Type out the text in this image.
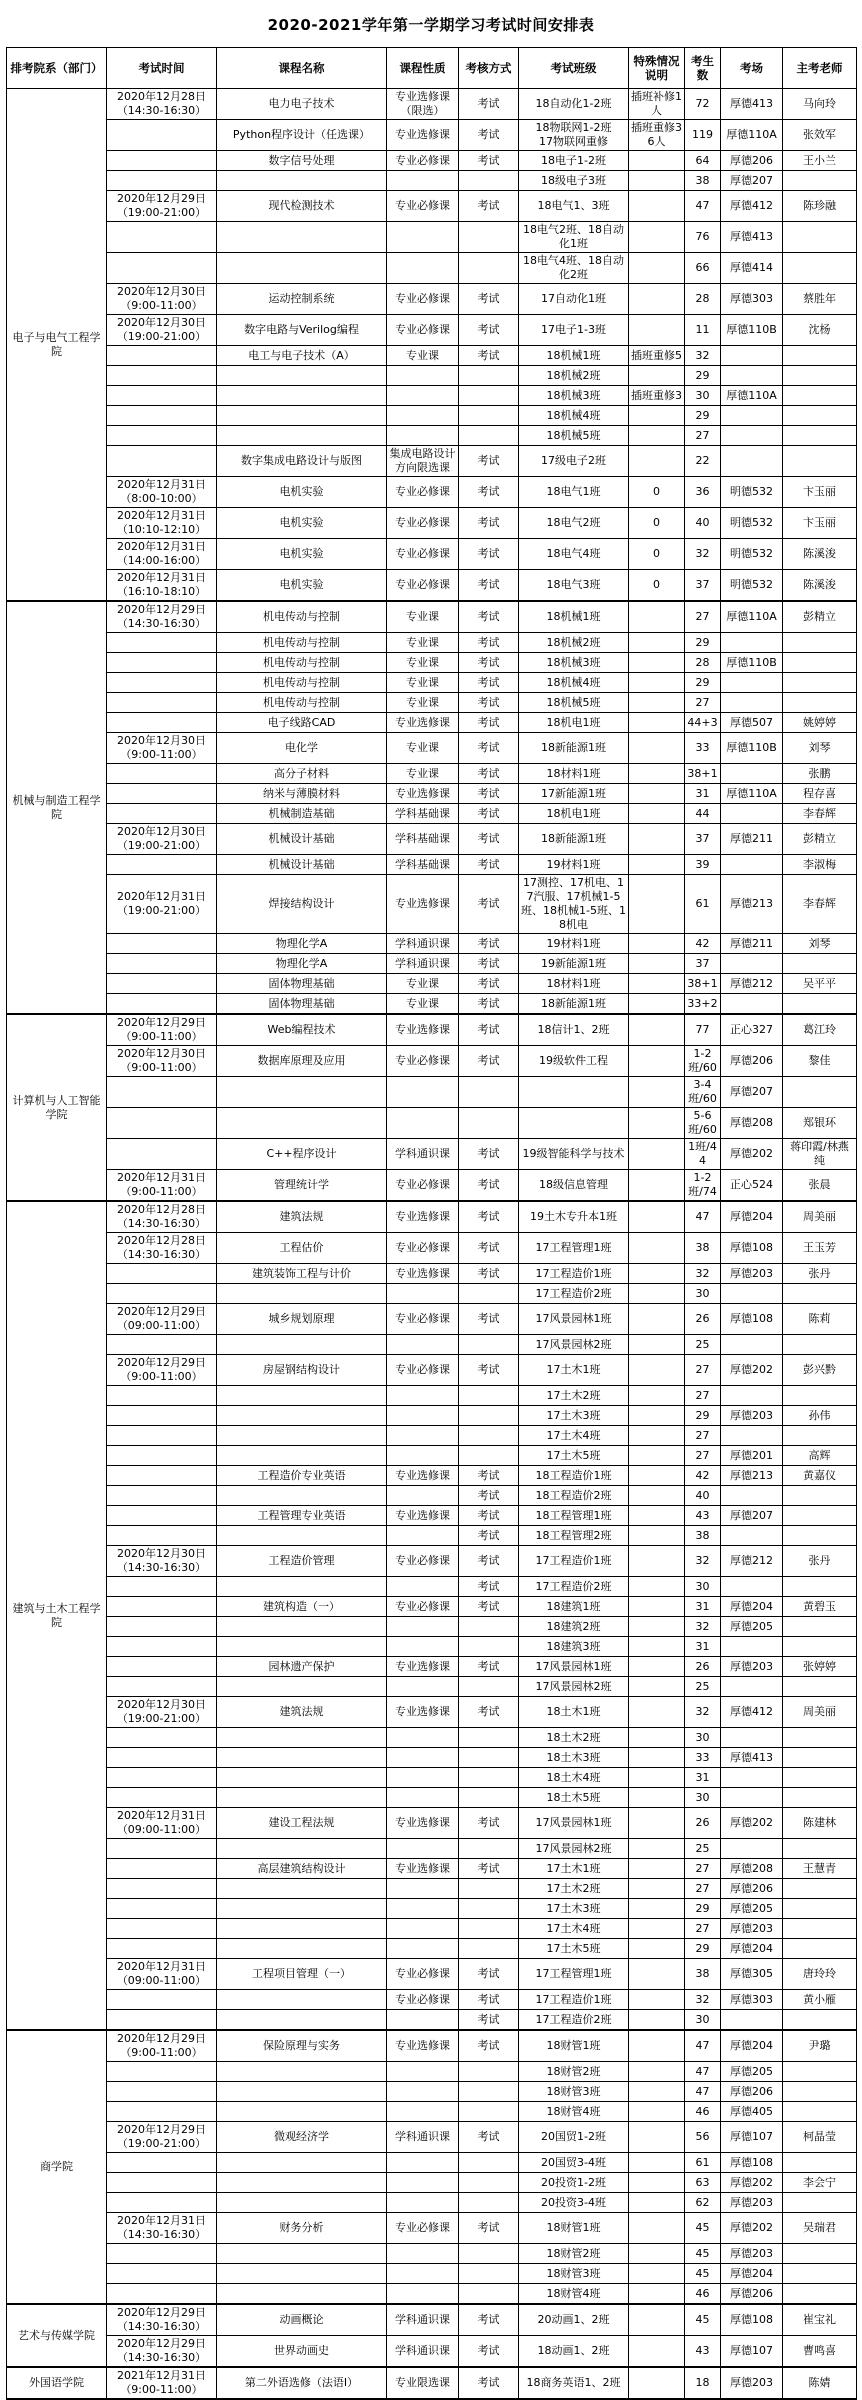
2020-2021学年第一学期学习考试时间安排表
排考院系（部门）	考试时间	课程名称	课程性质	考核方式	考试班级	特殊情况说明	考生数	考场	主考老师
电子与电气工程学院	2020年12月28日
（14:30-16:30）	电力电子技术	专业选修课（限选）	考试	18自动化1-2班	插班补修1人	72	厚德413	马向玲
		Python程序设计（任选课）	专业选修课	考试	18物联网1-2班
17物联网重修	插班重修36人	119	厚德110A	张效军
		数字信号处理	专业必修课	考试	18电子1-2班		64	厚德206	王小兰
					18级电子3班		38	厚德207	
	2020年12月29日
（19:00-21:00）	现代检测技术	专业必修课	考试	18电气1、3班		47	厚德412	陈珍融
					18电气2班、18自动化1班		76	厚德413	
					18电气4班、18自动化2班		66	厚德414	
	2020年12月30日
（9:00-11:00）	运动控制系统	专业必修课	考试	17自动化1班		28	厚德303	蔡胜年
	2020年12月30日
（19:00-21:00）	数字电路与Verilog编程	专业必修课	考试	17电子1-3班		11	厚德110B	沈杨
		电工与电子技术（A）	专业课	考试	18机械1班	插班重修5	32		
					18机械2班		29		
					18机械3班	插班重修3	30	厚德110A	
					18机械4班		29		
					18机械5班		27		
		数字集成电路设计与版图	集成电路设计方向限选课	考试	17级电子2班		22		
	2020年12月31日
（8:00-10:00）	电机实验	专业必修课	考试	18电气1班	0	36	明德532	卞玉丽
	2020年12月31日
（10:10-12:10）	电机实验	专业必修课	考试	18电气2班	0	40	明德532	卞玉丽
	2020年12月31日
（14:00-16:00）	电机实验	专业必修课	考试	18电气4班	0	32	明德532	陈溪浚
	2020年12月31日
（16:10-18:10）	电机实验	专业必修课	考试	18电气3班	0	37	明德532	陈溪浚
机械与制造工程学院	2020年12月29日
（14:30-16:30）	机电传动与控制	专业课	考试	18机械1班		27	厚德110A	彭精立
		机电传动与控制	专业课	考试	18机械2班		29		
		机电传动与控制	专业课	考试	18机械3班		28	厚德110B	
		机电传动与控制	专业课	考试	18机械4班		29		
		机电传动与控制	专业课	考试	18机械5班		27		
		电子线路CAD	专业选修课	考试	18机电1班		44+3	厚德507	姚婷婷
	2020年12月30日
（9:00-11:00）	电化学	专业课	考试	18新能源1班		33	厚德110B	刘琴
		高分子材料	专业课	考试	18材料1班		38+1		张鹏
		纳米与薄膜材料	专业选修课	考试	17新能源1班		31	厚德110A	程存喜
		机械制造基础	学科基础课	考试	18机电1班		44		李春辉
	2020年12月30日
（19:00-21:00）	机械设计基础	学科基础课	考试	18新能源1班		37	厚德211	彭精立
		机械设计基础	学科基础课	考试	19材料1班		39		李淑梅
	2020年12月31日
（19:00-21:00）	焊接结构设计	专业选修课	考试	17测控、17机电、17汽服、17机械1-5班、18机械1-5班、18机电		61	厚德213	李春辉
		物理化学A	学科通识课	考试	19材料1班		42	厚德211	刘琴
		物理化学A	学科通识课	考试	19新能源1班		37		
		固体物理基础	专业课	考试	18材料1班		38+1	厚德212	吴平平
		固体物理基础	专业课	考试	18新能源1班		33+2		
计算机与人工智能学院	2020年12月29日
（9:00-11:00）	Web编程技术	专业选修课	考试	18信计1、2班		77	正心327	葛江玲
	2020年12月30日
（9:00-11:00）	数据库原理及应用	专业必修课	考试	19级软件工程		1-2班/60	厚德206	黎佳
							3-4班/60	厚德207	
							5-6班/60	厚德208	郑银环
		C++程序设计	学科通识课	考试	19级智能科学与技术		1班/44	厚德202	蒋印霞/林燕纯
	2020年12月31日
（9:00-11:00）	管理统计学	专业必修课	考试	18级信息管理		1-2班/74	正心524	张晨
建筑与土木工程学院	2020年12月28日
（14:30-16:30）	建筑法规	专业选修课	考试	19土木专升本1班		47	厚德204	周美丽
	2020年12月28日
（14:30-16:30）	工程估价	专业必修课	考试	17工程管理1班		38	厚德108	王玉芳
		建筑装饰工程与计价	专业选修课	考试	17工程造价1班		32	厚德203	张丹
					17工程造价2班		30		
	2020年12月29日
（09:00-11:00）	城乡规划原理	专业必修课	考试	17风景园林1班		26	厚德108	陈莉
					17风景园林2班		25		
	2020年12月29日
（9:00-11:00）	房屋钢结构设计	专业必修课	考试	17土木1班		27	厚德202	彭兴黔
					17土木2班		27		
					17土木3班		29	厚德203	孙伟
					17土木4班		27		
					17土木5班		27	厚德201	高辉
		工程造价专业英语	专业选修课	考试	18工程造价1班		42	厚德213	黄嘉仪
				考试	18工程造价2班		40		
		工程管理专业英语	专业选修课	考试	18工程管理1班		43	厚德207	
				考试	18工程管理2班		38		
	2020年12月30日
（14:30-16:30）	工程造价管理	专业必修课	考试	17工程造价1班		32	厚德212	张丹
				考试	17工程造价2班		30		
		建筑构造（一）	专业必修课	考试	18建筑1班		31	厚德204	黄碧玉
					18建筑2班		32	厚德205	
					18建筑3班		31		
		园林遗产保护	专业选修课	考试	17风景园林1班		26	厚德203	张婷婷
					17风景园林2班		25		
	2020年12月30日
（19:00-21:00）	建筑法规	专业选修课	考试	18土木1班		32	厚德412	周美丽
					18土木2班		30		
					18土木3班		33	厚德413	
					18土木4班		31		
					18土木5班		30		
	2020年12月31日
（09:00-11:00）	建设工程法规	专业选修课	考试	17风景园林1班		26	厚德202	陈建林
					17风景园林2班		25		
		高层建筑结构设计	专业选修课	考试	17土木1班		27	厚德208	王慧青
					17土木2班		27	厚德206	
					17土木3班		29	厚德205	
					17土木4班		27	厚德203	
					17土木5班		29	厚德204	
	2020年12月31日
（09:00-11:00）	工程项目管理（一）	专业必修课	考试	17工程管理1班		38	厚德305	唐玲玲
			专业必修课	考试	17工程造价1班		32	厚德303	黄小雁
				考试	17工程造价2班		30		
商学院	2020年12月29日
（9:00-11:00）	保险原理与实务	专业选修课	考试	18财管1班		47	厚德204	尹璐
					18财管2班		47	厚德205	
					18财管3班		47	厚德206	
					18财管4班		46	厚德405	
	2020年12月29日
（19:00-21:00）	微观经济学	学科通识课	考试	20国贸1-2班		56	厚德107	柯晶莹
					20国贸3-4班		61	厚德108	
					20投资1-2班		63	厚德202	李会宁
					20投资3-4班		62	厚德203	
	2020年12月31日
（14:30-16:30）	财务分析	专业必修课	考试	18财管1班		45	厚德202	吴瑞君
					18财管2班		45	厚德203	
					18财管3班		45	厚德204	
					18财管4班		46	厚德206	
艺术与传媒学院	2020年12月29日
（14:30-16:30）	动画概论	学科通识课	考试	20动画1、2班		45	厚德108	崔宝礼
	2020年12月29日
（14:30-16:30）	世界动画史	学科通识课	考试	18动画1、2班		43	厚德107	曹鸣喜
外国语学院	2021年12月31日
（9:00-11:00）	第二外语选修（法语Ⅰ）	专业限选课	考试	18商务英语1、2班		18	厚德203	陈婧
